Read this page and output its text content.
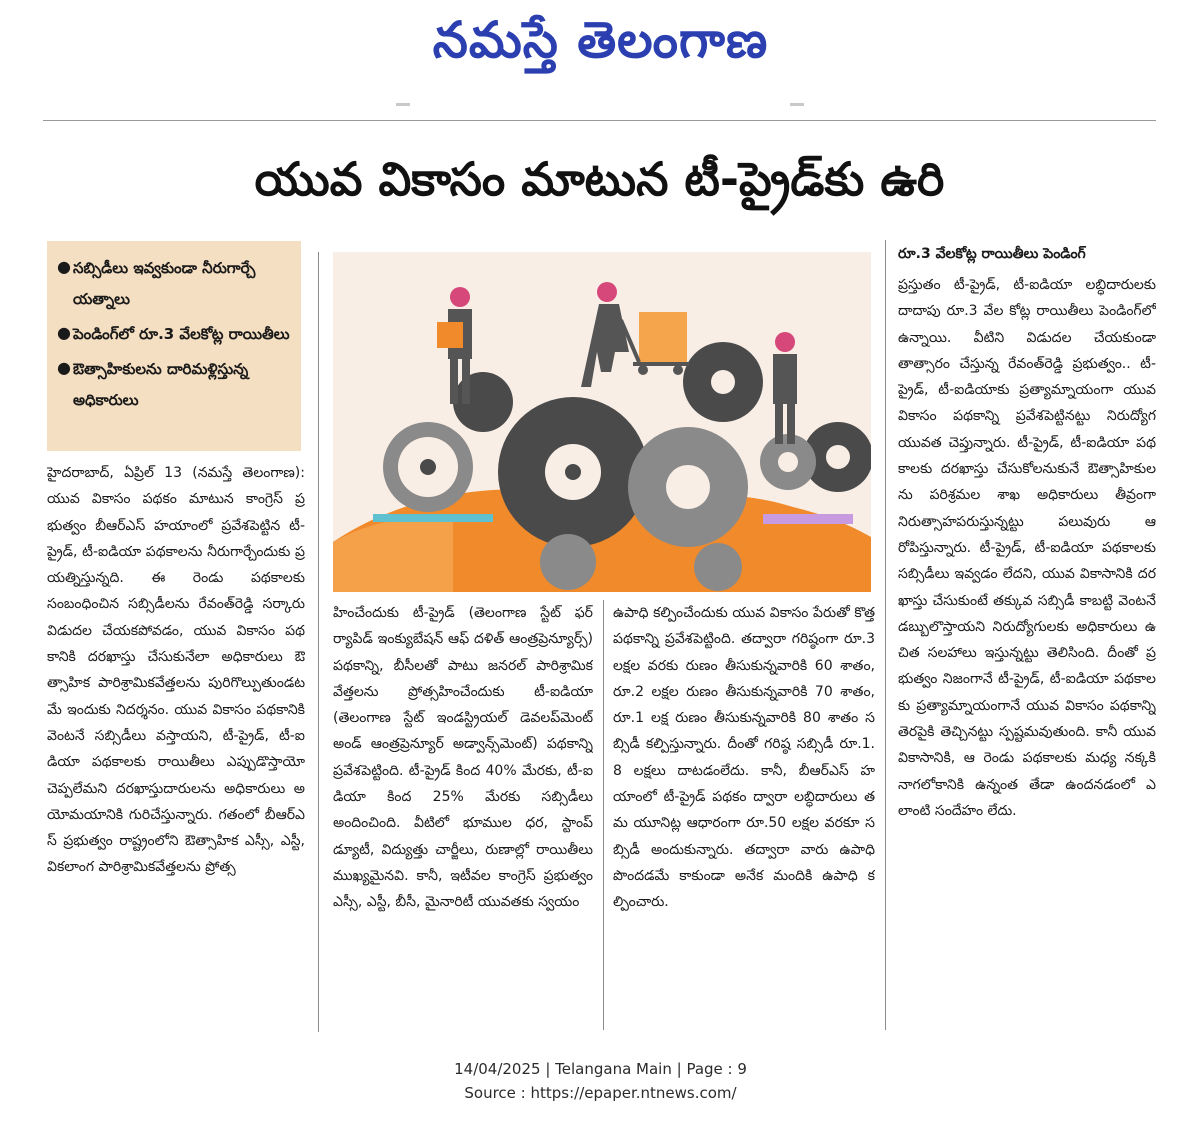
నమస్తే తెలంగాణ
యువ వికాసం మాటున టీ-ప్రైడ్‌కు ఉరి
● సబ్సిడీలు ఇవ్వకుండా నీరుగార్చే యత్నాలు
● పెండింగ్‌లో రూ.3 వేలకోట్ల రాయితీలు
● ఔత్సాహికులను దారిమళ్లిస్తున్న అధికారులు
రూ.3 వేలకోట్ల రాయితీలు పెండింగ్
హైదరాబాద్, ఏప్రిల్ 13 (నమస్తే తెలంగాణ): యువ వికాసం పథకం మాటున కాంగ్రెస్ ప్రభుత్వం బీఆర్‌ఎస్ హయాంలో ప్రవేశపెట్టిన టీ-ప్రైడ్, టీ-ఐడియా పథకాలను నీరుగార్చేందుకు ప్రయత్నిస్తున్నది. ఈ రెండు పథకాలకు సంబంధించిన సబ్సిడీలను రేవంత్‌రెడ్డి సర్కారు విడుదల చేయకపోవడం, యువ వికాసం పథకానికి దరఖాస్తు చేసుకునేలా అధికారులు ఔత్సాహిక పారిశ్రామికవేత్తలను పురిగొల్పుతుండటమే ఇందుకు నిదర్శనం. యువ వికాసం పథకానికి వెంటనే సబ్సిడీలు వస్తాయని, టీ-ప్రైడ్, టీ-ఐడియా పథకాలకు రాయితీలు ఎప్పుడొస్తాయో చెప్పలేమని దరఖాస్తుదారులను అధికారులు అయోమయానికి గురిచేస్తున్నారు. గతంలో బీఆర్‌ఎస్ ప్రభుత్వం రాష్ట్రంలోని ఔత్సాహిక ఎస్సీ, ఎస్టీ, వికలాంగ పారిశ్రామికవేత్తలను ప్రోత్స
హించేందుకు టీ-ప్రైడ్ (తెలంగాణ స్టేట్ ఫర్ ర్యాపిడ్ ఇంక్యుబేషన్ ఆఫ్ దళిత్ ఆంత్రప్రెన్యూర్స్) పథకాన్ని, బీసీలతో పాటు జనరల్ పారిశ్రామిక వేత్తలను ప్రోత్సహించేందుకు టీ-ఐడియా (తెలంగాణ స్టేట్ ఇండస్ట్రియల్ డెవలప్‌మెంట్ అండ్ ఆంత్రప్రెన్యూర్ అడ్వాన్స్‌మెంట్) పథకాన్ని ప్రవేశపెట్టింది. టీ-ప్రైడ్ కింద 40% మేరకు, టీ-ఐడియా కింద 25% మేరకు సబ్సిడీలు అందించింది. వీటిలో భూముల ధర, స్టాంప్ డ్యూటీ, విద్యుత్తు చార్జీలు, రుణాల్లో రాయితీలు ముఖ్యమైనవి. కానీ, ఇటీవల కాంగ్రెస్ ప్రభుత్వం ఎస్సీ, ఎస్టీ, బీసీ, మైనారిటీ యువతకు స్వయం
ఉపాధి కల్పించేందుకు యువ వికాసం పేరుతో కొత్త పథకాన్ని ప్రవేశపెట్టింది. తద్వారా గరిష్ఠంగా రూ.3 లక్షల వరకు రుణం తీసుకున్నవారికి 60 శాతం, రూ.2 లక్షల రుణం తీసుకున్నవారికి 70 శాతం, రూ.1 లక్ష రుణం తీసుకున్నవారికి 80 శాతం సబ్సిడీ కల్పిస్తున్నారు. దీంతో గరిష్ఠ సబ్సిడీ రూ.1.8 లక్షలు దాటడంలేదు. కానీ, బీఆర్‌ఎస్ హయాంలో టీ-ప్రైడ్ పథకం ద్వారా లబ్ధిదారులు తమ యూనిట్ల ఆధారంగా రూ.50 లక్షల వరకూ సబ్సిడీ అందుకున్నారు. తద్వారా వారు ఉపాధి పొందడమే కాకుండా అనేక మందికి ఉపాధి కల్పించారు.
ప్రస్తుతం టీ-ప్రైడ్, టీ-ఐడియా లబ్ధిదారులకు దాదాపు రూ.3 వేల కోట్ల రాయితీలు పెండింగ్‌లో ఉన్నాయి. వీటిని విడుదల చేయకుండా తాత్సారం చేస్తున్న రేవంత్‌రెడ్డి ప్రభుత్వం.. టీ-ప్రైడ్, టీ-ఐడియాకు ప్రత్యామ్నాయంగా యువ వికాసం పథకాన్ని ప్రవేశపెట్టినట్టు నిరుద్యోగ యువత చెప్తున్నారు. టీ-ప్రైడ్, టీ-ఐడియా పథకాలకు దరఖాస్తు చేసుకోలనుకునే ఔత్సాహికులను పరిశ్రమల శాఖ అధికారులు తీవ్రంగా నిరుత్సాహపరుస్తున్నట్టు పలువురు ఆరోపిస్తున్నారు. టీ-ప్రైడ్, టీ-ఐడియా పథకాలకు సబ్సిడీలు ఇవ్వడం లేదని, యువ వికాసానికి దరఖాస్తు చేసుకుంటే తక్కువ సబ్సిడీ కాబట్టి వెంటనే డబ్బులొస్తాయని నిరుద్యోగులకు అధికారులు ఉచిత సలహాలు ఇస్తున్నట్టు తెలిసింది. దీంతో ప్రభుత్వం నిజంగానే టీ-ప్రైడ్, టీ-ఐడియా పథకాలకు ప్రత్యామ్నాయంగానే యువ వికాసం పథకాన్ని తెరపైకి తెచ్చినట్టు స్పష్టమవుతుంది. కానీ యువ వికాసానికి, ఆ రెండు పథకాలకు మధ్య నక్కకి నాగలోకానికి ఉన్నంత తేడా ఉందనడంలో ఎలాంటి సందేహం లేదు.
14/04/2025 | Telangana Main | Page : 9
Source : https://epaper.ntnews.com/
